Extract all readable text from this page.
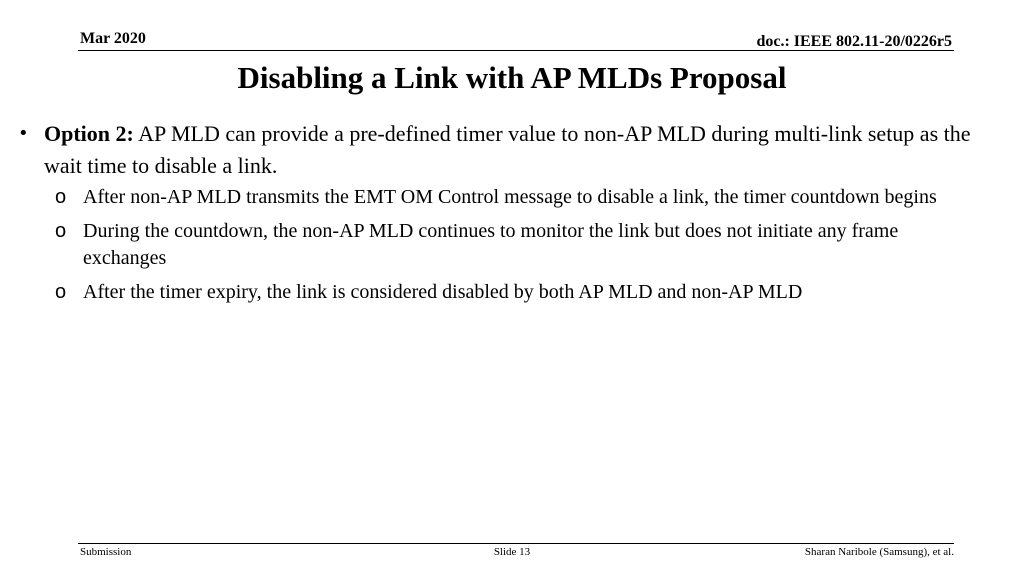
Mar 2020	doc.: IEEE 802.11-20/0226r5
Disabling a Link with AP MLDs Proposal
• Option 2: AP MLD can provide a pre-defined timer value to non-AP MLD during multi-link setup as the wait time to disable a link.
o After non-AP MLD transmits the EMT OM Control message to disable a link, the timer countdown begins
o During the countdown, the non-AP MLD continues to monitor the link but does not initiate any frame exchanges
o After the timer expiry, the link is considered disabled by both AP MLD and non-AP MLD
Submission	Slide 13	Sharan Naribole (Samsung), et al.
